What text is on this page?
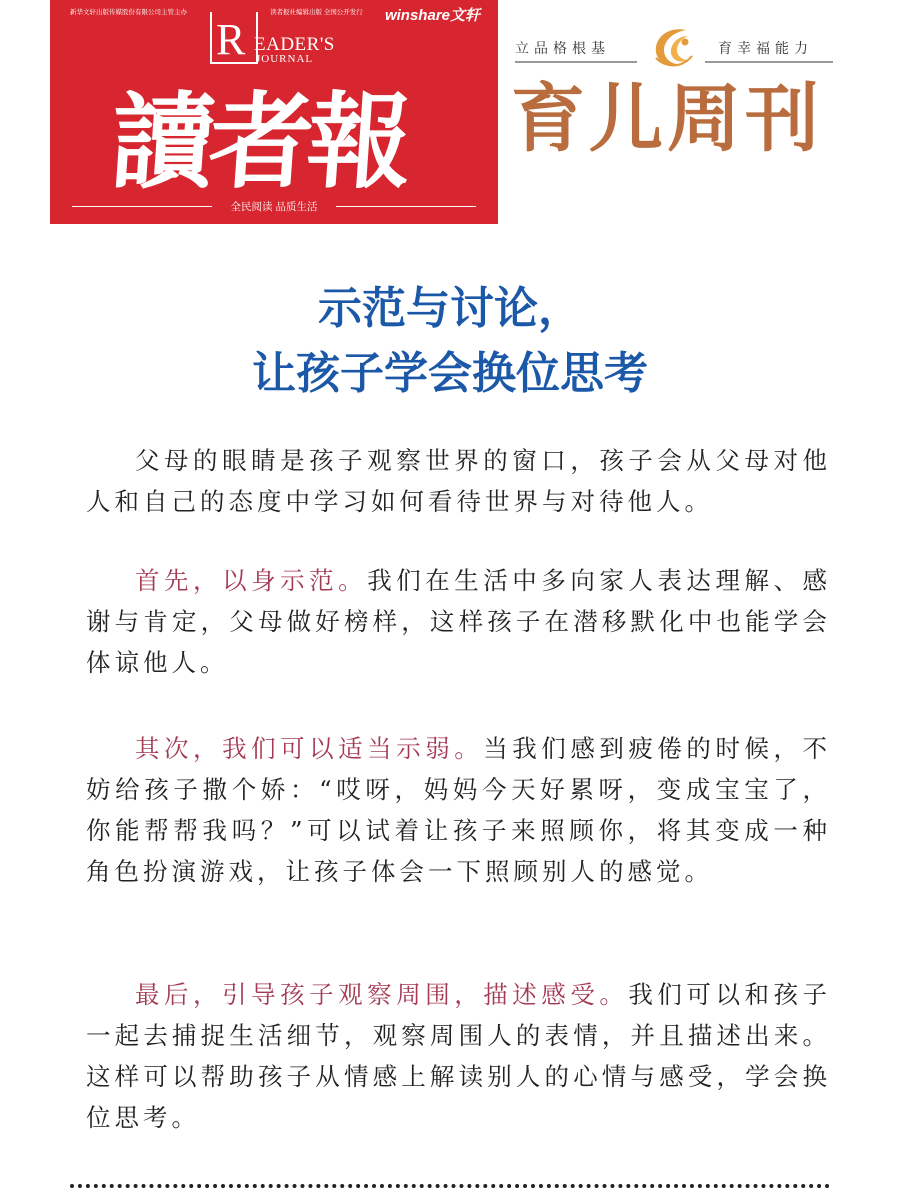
新华文轩出版传媒股份有限公司主管主办	读者报社编辑出版 全国公开发行 winshare文轩
R EADER'S
JOURNAL
讀者報
全民阅读 品质生活
立品格根基	育幸福能力
育儿周刊
示范与讨论，
让孩子学会换位思考

父母的眼睛是孩子观察世界的窗口，孩子会从父母对他人和自己的态度中学习如何看待世界与对待他人。

首先，以身示范。我们在生活中多向家人表达理解、感谢与肯定，父母做好榜样，这样孩子在潜移默化中也能学会体谅他人。

其次，我们可以适当示弱。当我们感到疲倦的时候，不妨给孩子撒个娇：“哎呀，妈妈今天好累呀，变成宝宝了，你能帮帮我吗？”可以试着让孩子来照顾你，将其变成一种角色扮演游戏，让孩子体会一下照顾别人的感觉。

最后，引导孩子观察周围，描述感受。我们可以和孩子一起去捕捉生活细节，观察周围人的表情，并且描述出来。这样可以帮助孩子从情感上解读别人的心情与感受，学会换位思考。
